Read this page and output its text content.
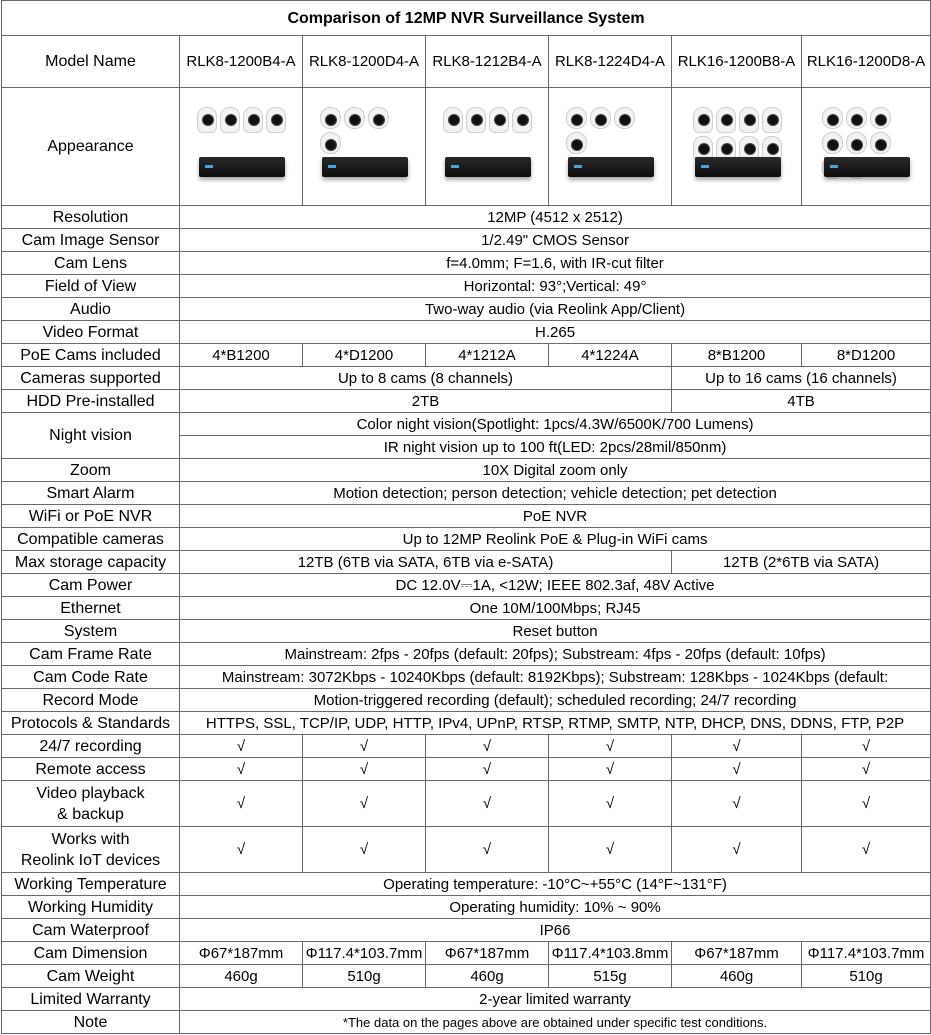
Comparison of 12MP NVR Surveillance System						
Model Name	RLK8-1200B4-A	RLK8-1200D4-A	RLK8-1212B4-A	RLK8-1224D4-A	RLK16-1200B8-A	RLK16-1200D8-A
Appearance	

Resolution	12MP (4512 x 2512)					
Cam Image Sensor	1/2.49" CMOS Sensor					
Cam Lens	f=4.0mm; F=1.6, with IR-cut filter					
Field of View	Horizontal: 93°;Vertical: 49°					
Audio	Two-way audio (via Reolink App/Client)					
Video Format	H.265					
PoE Cams included	4*B1200	4*D1200	4*1212A	4*1224A	8*B1200	8*D1200
Cameras supported	Up to 8 cams (8 channels)				Up to 16 cams (16 channels)	
HDD Pre-installed	2TB				4TB	
Night vision	Color night vision(Spotlight: 1pcs/4.3W/6500K/700 Lumens)					
	IR night vision up to 100 ft(LED: 2pcs/28mil/850nm)					
Zoom	10X Digital zoom only					
Smart Alarm	Motion detection; person detection; vehicle detection; pet detection					
WiFi or PoE NVR	PoE NVR					
Compatible cameras	Up to 12MP Reolink PoE & Plug-in WiFi cams					
Max storage capacity	12TB (6TB via SATA, 6TB via e-SATA)				12TB (2*6TB via SATA)	
Cam Power	DC 12.0V⎓1A, <12W; IEEE 802.3af, 48V Active					
Ethernet	One 10M/100Mbps; RJ45					
System	Reset button					
Cam Frame Rate	Mainstream: 2fps - 20fps (default: 20fps); Substream: 4fps - 20fps (default: 10fps)					
Cam Code Rate	Mainstream: 3072Kbps - 10240Kbps (default: 8192Kbps); Substream: 128Kbps - 1024Kbps (default:					
Record Mode	Motion-triggered recording (default); scheduled recording; 24/7 recording					
Protocols & Standards	HTTPS, SSL, TCP/IP, UDP, HTTP, IPv4, UPnP, RTSP, RTMP, SMTP, NTP, DHCP, DNS, DDNS, FTP, P2P					
24/7 recording	√	√	√	√	√	√
Remote access	√	√	√	√	√	√
Video playback
& backup	√	√	√	√	√	√
Works with
Reolink IoT devices	√	√	√	√	√	√
Working Temperature	Operating temperature: -10°C~+55°C (14°F~131°F)					
Working Humidity	Operating humidity: 10% ~ 90%					
Cam Waterproof	IP66					
Cam Dimension	Φ67*187mm	Φ117.4*103.7mm	Φ67*187mm	Φ117.4*103.8mm	Φ67*187mm	Φ117.4*103.7mm
Cam Weight	460g	510g	460g	515g	460g	510g
Limited Warranty	2-year limited warranty					
Note	*The data on the pages above are obtained under specific test conditions.					
